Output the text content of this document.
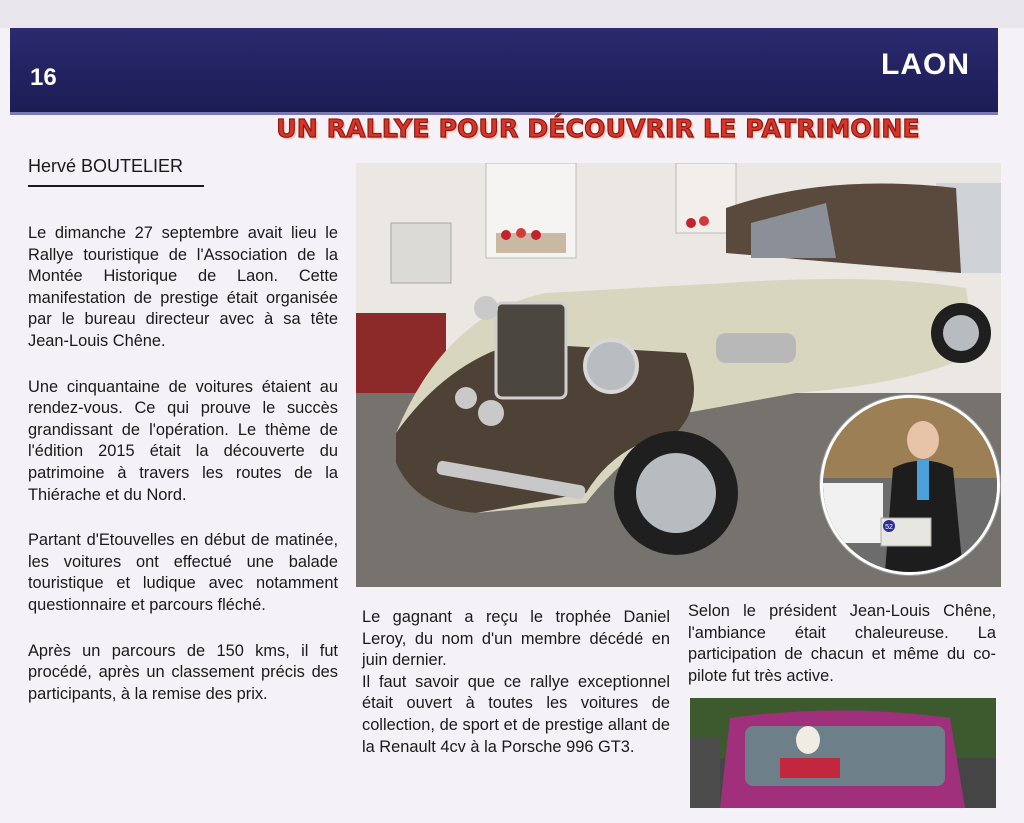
16	LAON
UN RALLYE POUR DÉCOUVRIR LE PATRIMOINE
Hervé BOUTELIER

Le dimanche 27 septembre avait lieu le Rallye touristique de l'Association de la Montée Historique de Laon. Cette manifestation de prestige était organisée par le bureau directeur avec à sa tête Jean-Louis Chêne.

Une cinquantaine de voitures étaient au rendez-vous. Ce qui prouve le succès grandissant de l'opération. Le thème de l'édition 2015 était la découverte du patrimoine à travers les routes de la Thiérache et du Nord.

Partant d'Etouvelles en début de matinée, les voitures ont effectué une balade touristique et ludique avec notamment questionnaire et parcours fléché.

Après un parcours de 150 kms, il fut procédé, après un classement précis des participants, à la remise des prix.

52

Le gagnant a reçu le trophée Daniel Leroy, du nom d'un membre décédé en juin dernier.

Il faut savoir que ce rallye exceptionnel était ouvert à toutes les voitures de collection, de sport et de prestige allant de la Renault 4cv à la Porsche 996 GT3.

Selon le président Jean-Louis Chêne, l'ambiance était chaleureuse. La participation de chacun et même du co-pilote fut très active.
